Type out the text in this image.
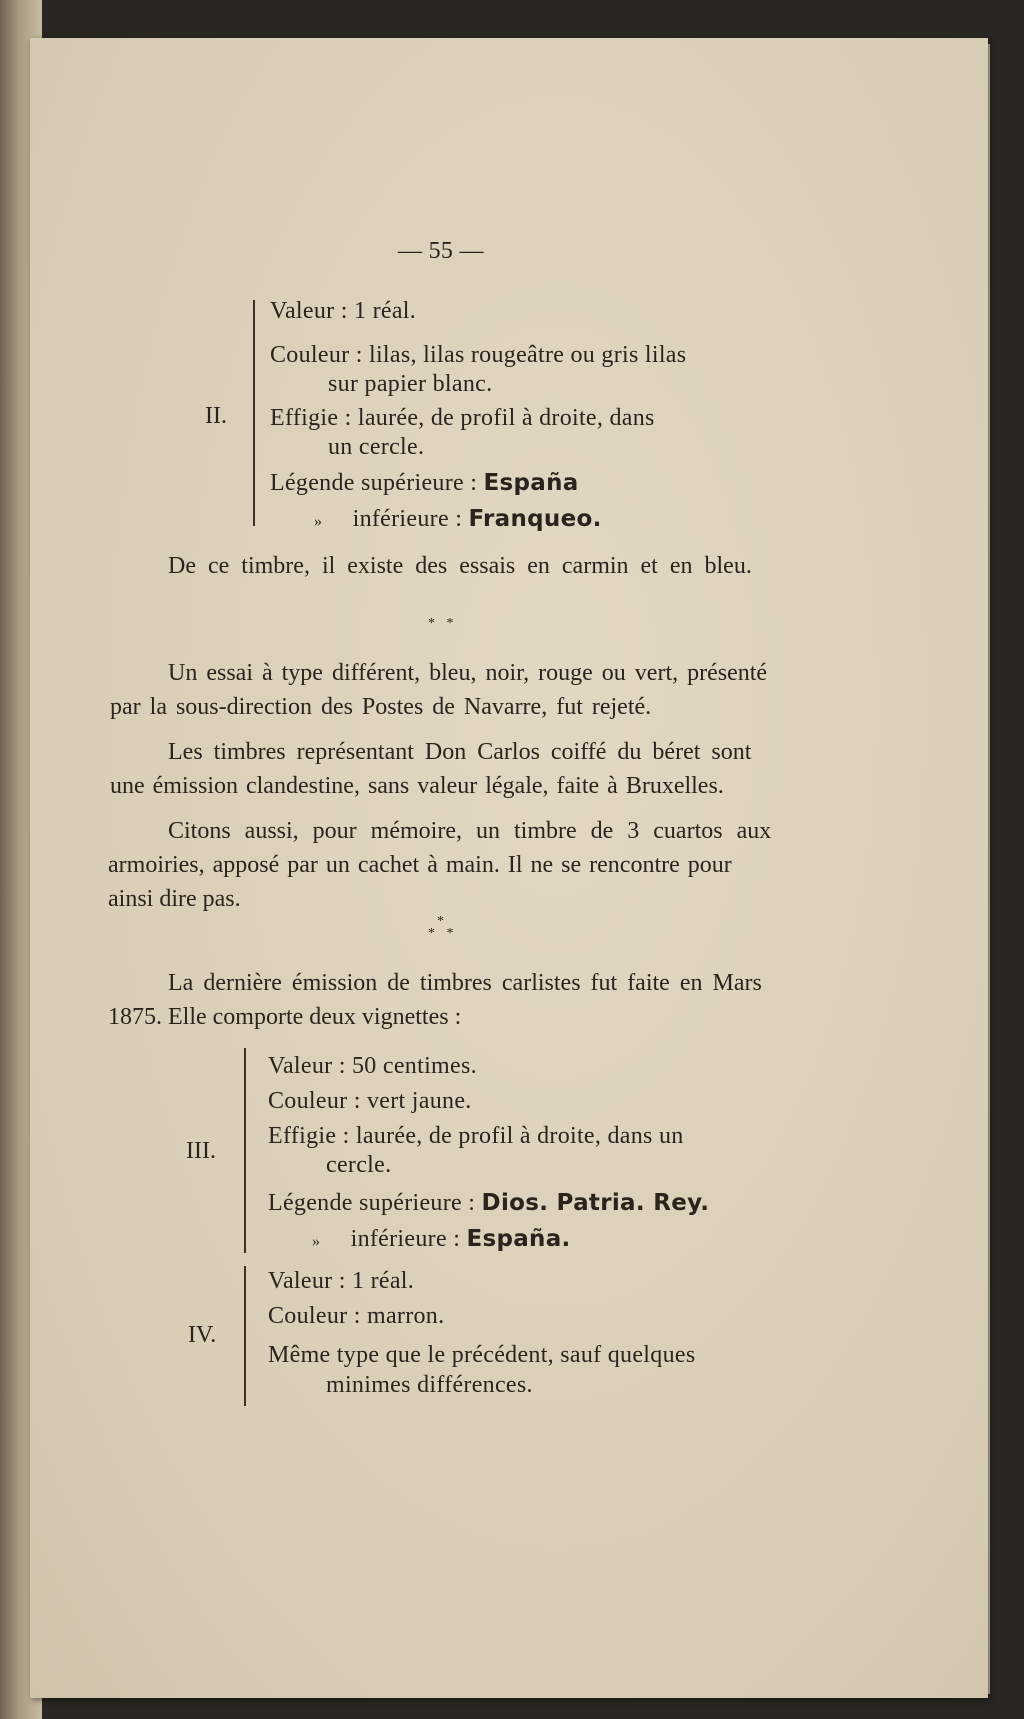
— 55 —
II.
Valeur : 1 réal.
Couleur : lilas, lilas rougeâtre ou gris lilas
sur papier blanc.
Effigie : laurée, de profil à droite, dans
un cercle.
Légende supérieure : España
» inférieure : Franqueo.
De ce timbre, il existe des essais en carmin et en bleu.
* *
Un essai à type différent, bleu, noir, rouge ou vert, présenté
par la sous-direction des Postes de Navarre, fut rejeté.
Les timbres représentant Don Carlos coiffé du béret sont
une émission clandestine, sans valeur légale, faite à Bruxelles.
Citons aussi, pour mémoire, un timbre de 3 cuartos aux
armoiries, apposé par un cachet à main. Il ne se rencontre pour
ainsi dire pas.
*
* *
La dernière émission de timbres carlistes fut faite en Mars
1875. Elle comporte deux vignettes :
III.
Valeur : 50 centimes.
Couleur : vert jaune.
Effigie : laurée, de profil à droite, dans un
cercle.
Légende supérieure : Dios. Patria. Rey.
» inférieure : España.
IV.
Valeur : 1 réal.
Couleur : marron.
Même type que le précédent, sauf quelques
minimes différences.
